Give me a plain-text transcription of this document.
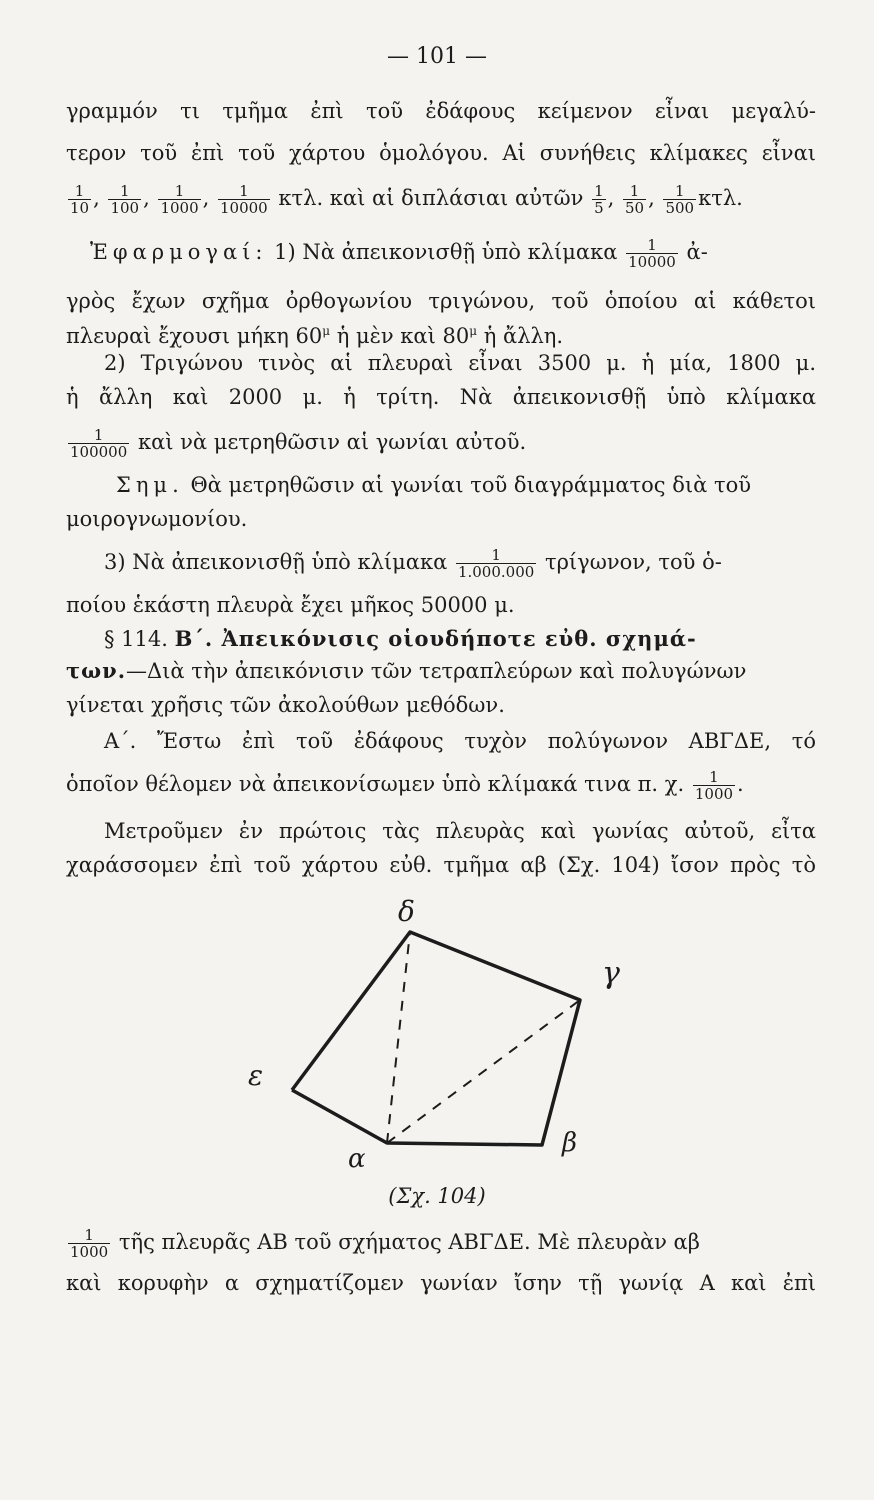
— 101 —
γραμμόν τι τμῆμα ἐπὶ τοῦ ἐδάφους κείμενον εἶναι μεγαλύ-
τερον τοῦ ἐπὶ τοῦ χάρτου ὁμολόγου. Αἱ συνήθεις κλίμακες εἶναι
$\frac{1}{10}$ , $\frac{1}{100}$ , $\frac{1}{1000}$ , $\frac{1}{10000} \kappa\tau\lambda$. καὶ αἱ διπλάσιαι αὐτῶν $\frac{1}{5}$ , $\frac{1}{50}$ , $\frac{1}{500} \kappa\tau\lambda$.
Ἐφαρμογαί: 1) Νὰ ἀπεικονισθῇ ὑπὸ κλίμακα $\frac{1}{10000}$ ἀ-
γρὸς ἔχων σχῆμα ὀρθογωνίου τριγώνου, τοῦ ὁποίου αἱ κάθετοι
πλευραὶ ἔχουσι μήκη $60^\mu$ ἡ μὲν καὶ $80^\mu$ ἡ ἄλλη.
2) Τριγώνου τινὸς αἱ πλευραὶ εἶναι 3500 μ. ἡ μία, 1800 μ.
ἡ ἄλλη καὶ 2000 μ. ἡ τρίτη. Νὰ ἀπεικονισθῇ ὑπὸ κλίμακα
$\frac{1}{100000}$ καὶ νὰ μετρηθῶσιν αἱ γωνίαι αὐτοῦ.
Σημ. Θὰ μετρηθῶσιν αἱ γωνίαι τοῦ διαγράμματος διὰ τοῦ
μοιρογνωμονίου.
3) Νὰ ἀπεικονισθῇ ὑπὸ κλίμακα $\frac{1}{1.000.000} \tau\rho ί\gamma\omega\nu o\nu$, τοῦ ὁ-
ποίου ἑκάστη πλευρὰ ἔχει μῆκος 50000 μ.
§ 114. Β΄. Ἀπεικόνισις οἱουδήποτε εὐθ. σχημά-
των.—Διὰ τὴν ἀπεικόνισιν τῶν τετραπλεύρων καὶ πολυγώνων
γίνεται χρῆσις τῶν ἀκολούθων μεθόδων.
Α΄. Ἔστω ἐπὶ τοῦ ἐδάφους τυχὸν πολύγωνον ΑΒΓΔΕ, τό
ὁποῖον θέλομεν νὰ ἀπεικονίσωμεν ὑπὸ κλίμακά τινα π. χ. $\frac{1}{1000}$ .
Μετροῦμεν ἐν πρώτοις τὰς πλευρὰς καὶ γωνίας αὐτοῦ, εἶτα
χαράσσομεν ἐπὶ τοῦ χάρτου εὐθ. τμῆμα αβ (Σχ. 104) ἴσον πρὸς τὸ
δ
γ
ε
α
β
(Σχ. 104)
$\frac{1}{1000}$ τῆς πλευρᾶς ΑΒ τοῦ σχήματος ΑΒΓΔΕ. Μὲ πλευρὰν αβ
καὶ κορυφὴν α σχηματίζομεν γωνίαν ἴσην τῇ γωνίᾳ Α καὶ ἐπὶ
